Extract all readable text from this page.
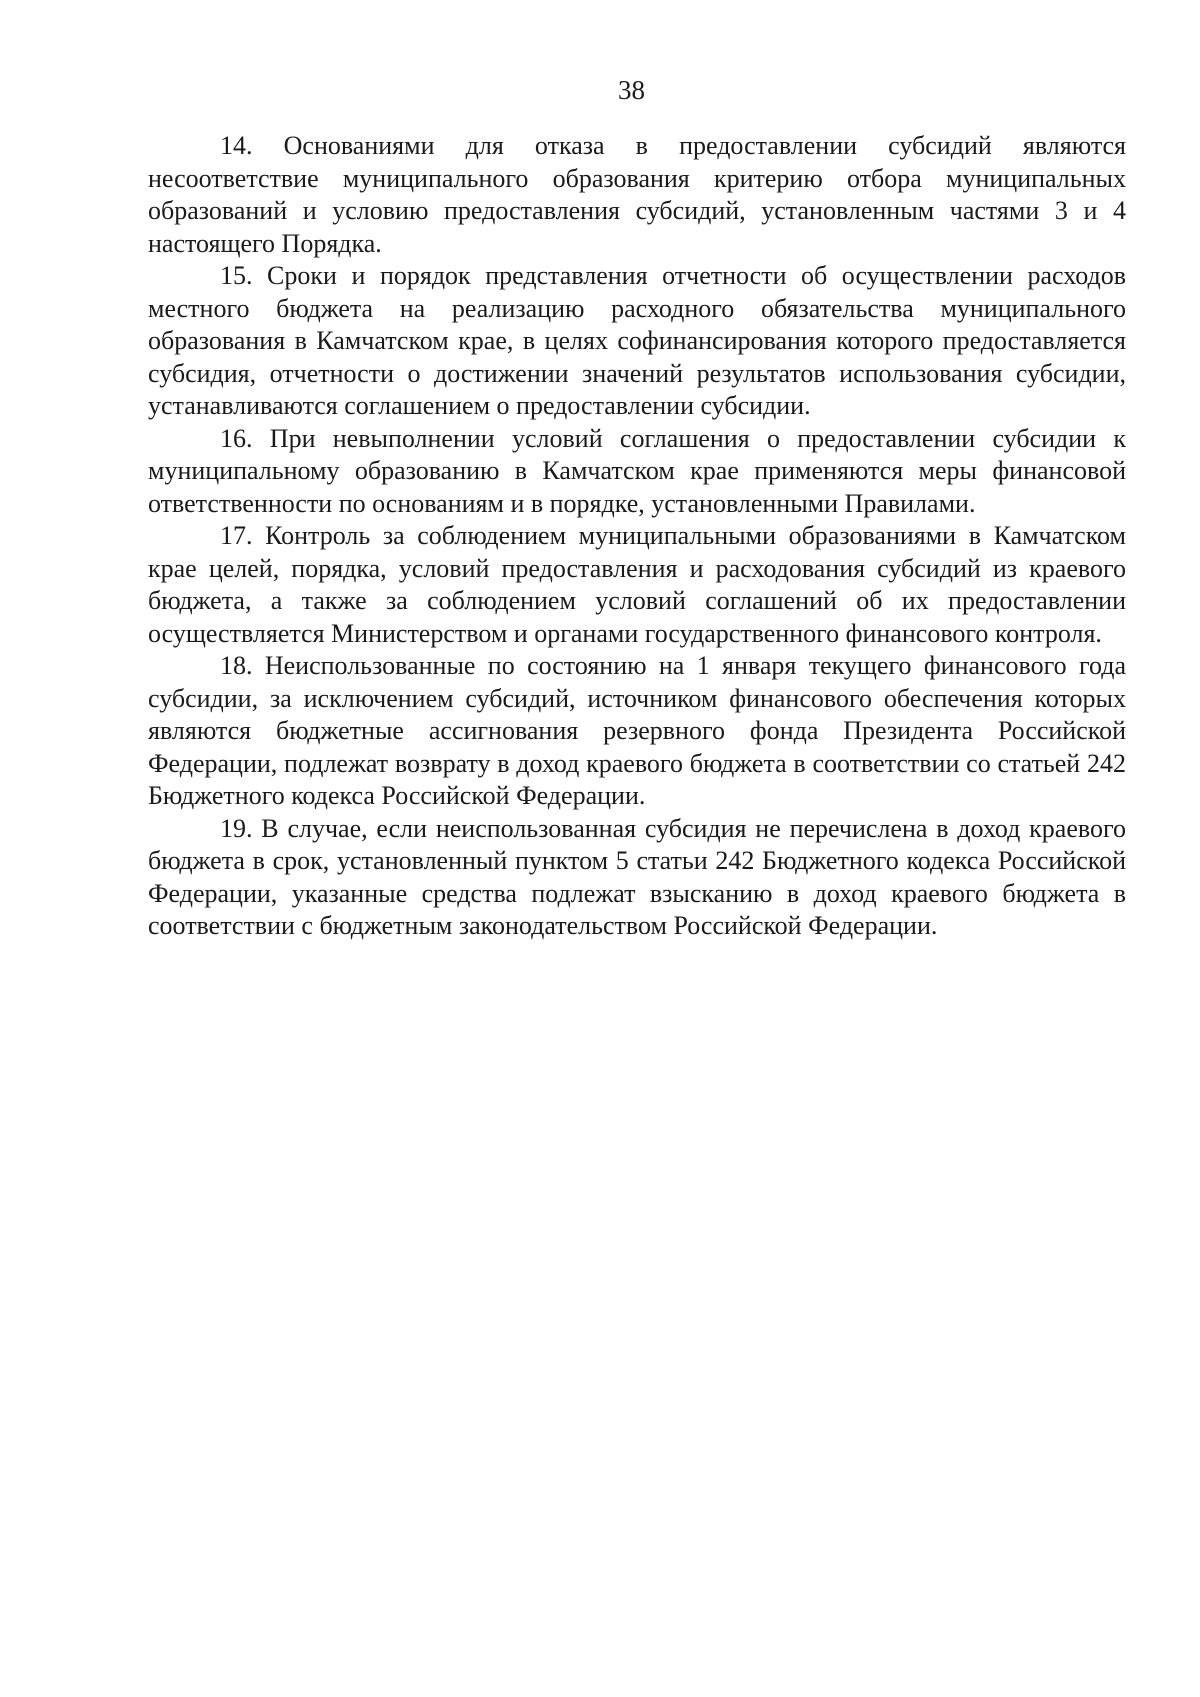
38

14. Основаниями для отказа в предоставлении субсидий являются несоответствие муниципального образования критерию отбора муниципальных образований и условию предоставления субсидий, установленным частями 3 и 4 настоящего Порядка.

15. Сроки и порядок представления отчетности об осуществлении расходов местного бюджета на реализацию расходного обязательства муниципального образования в Камчатском крае, в целях софинансирования которого предоставляется субсидия, отчетности о достижении значений результатов использования субсидии, устанавливаются соглашением о предоставлении субсидии.

16. При невыполнении условий соглашения о предоставлении субсидии к муниципальному образованию в Камчатском крае применяются меры финансовой ответственности по основаниям и в порядке, установленными Правилами.

17. Контроль за соблюдением муниципальными образованиями в Камчатском крае целей, порядка, условий предоставления и расходования субсидий из краевого бюджета, а также за соблюдением условий соглашений об их предоставлении осуществляется Министерством и органами государственного финансового контроля.

18. Неиспользованные по состоянию на 1 января текущего финансового года субсидии, за исключением субсидий, источником финансового обеспечения которых являются бюджетные ассигнования резервного фонда Президента Российской Федерации, подлежат возврату в доход краевого бюджета в соответствии со статьей 242 Бюджетного кодекса Российской Федерации.

19. В случае, если неиспользованная субсидия не перечислена в доход краевого бюджета в срок, установленный пунктом 5 статьи 242 Бюджетного кодекса Российской Федерации, указанные средства подлежат взысканию в доход краевого бюджета в соответствии с бюджетным законодательством Российской Федерации.
